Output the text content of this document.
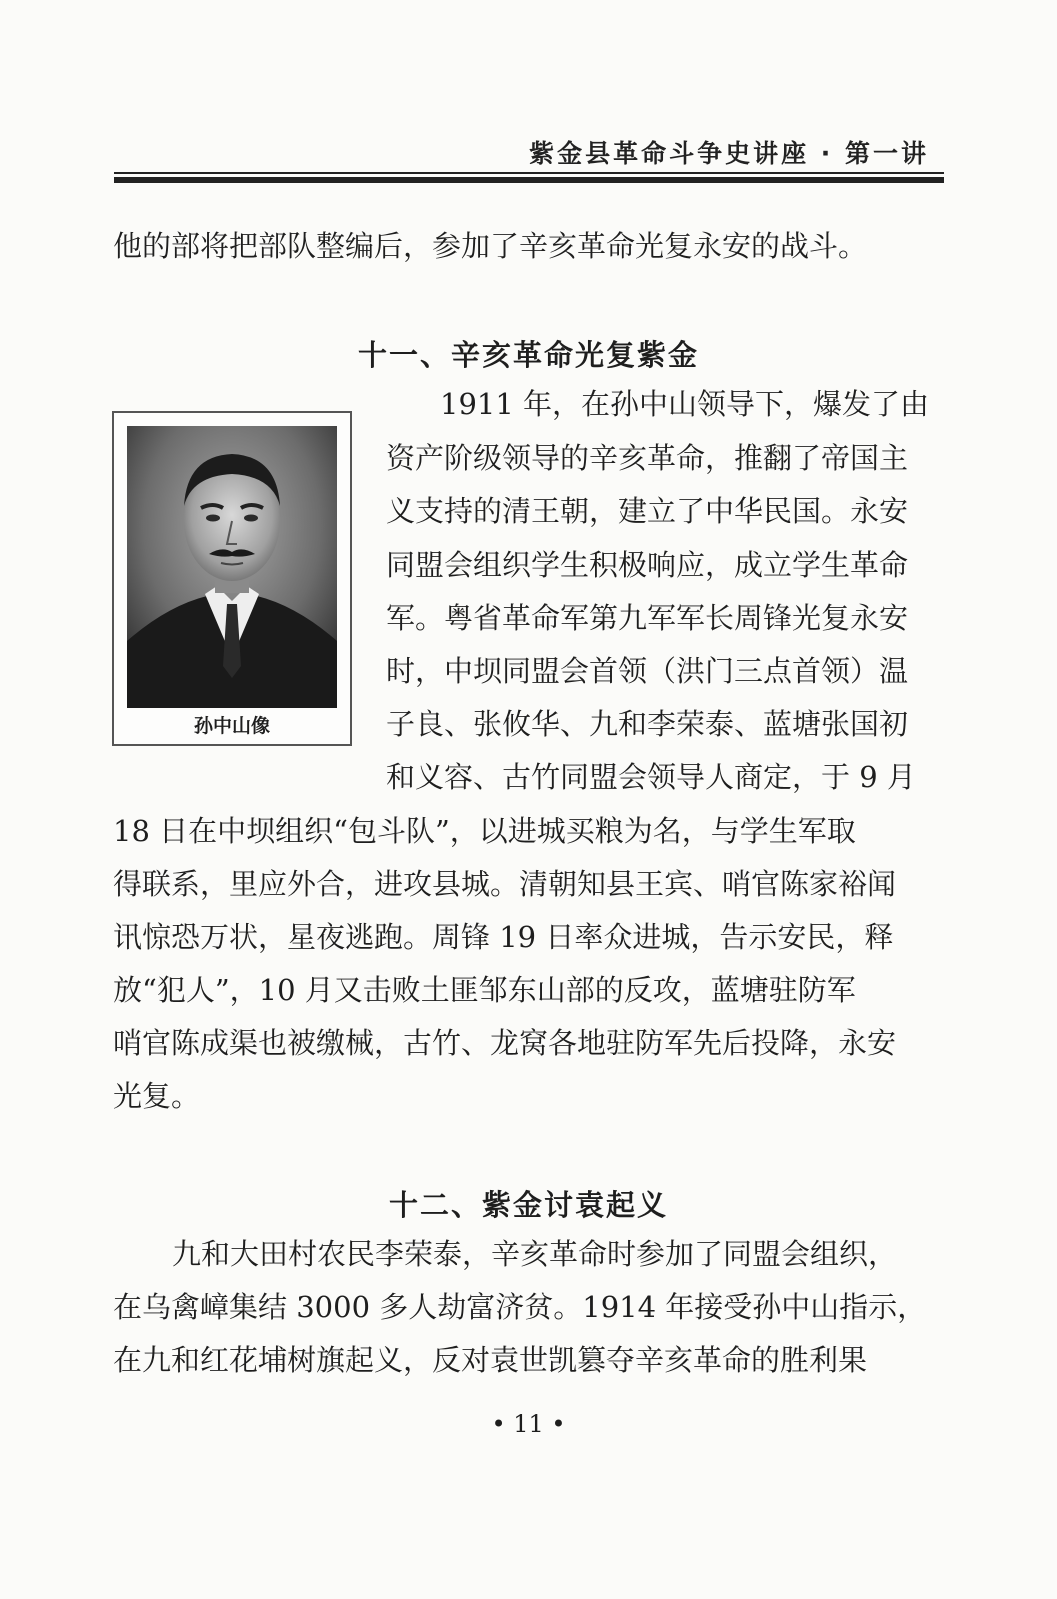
紫金县革命斗争史讲座 · 第一讲
他的部将把部队整编后，参加了辛亥革命光复永安的战斗。
十一、辛亥革命光复紫金
孙中山像
1911 年，在孙中山领导下，爆发了由
资产阶级领导的辛亥革命，推翻了帝国主
义支持的清王朝，建立了中华民国。永安
同盟会组织学生积极响应，成立学生革命
军。粤省革命军第九军军长周锋光复永安
时，中坝同盟会首领（洪门三点首领）温
子良、张攸华、九和李荣泰、蓝塘张国初
和义容、古竹同盟会领导人商定，于 9 月
18 日在中坝组织“包斗队”，以进城买粮为名，与学生军取
得联系，里应外合，进攻县城。清朝知县王宾、哨官陈家裕闻
讯惊恐万状，星夜逃跑。周锋 19 日率众进城，告示安民，释
放“犯人”，10 月又击败土匪邹东山部的反攻，蓝塘驻防军
哨官陈成渠也被缴械，古竹、龙窝各地驻防军先后投降，永安
光复。
十二、紫金讨袁起义
九和大田村农民李荣泰，辛亥革命时参加了同盟会组织，
在乌禽嶂集结 3000 多人劫富济贫。1914 年接受孙中山指示，
在九和红花埔树旗起义，反对袁世凯篡夺辛亥革命的胜利果
• 11 •
